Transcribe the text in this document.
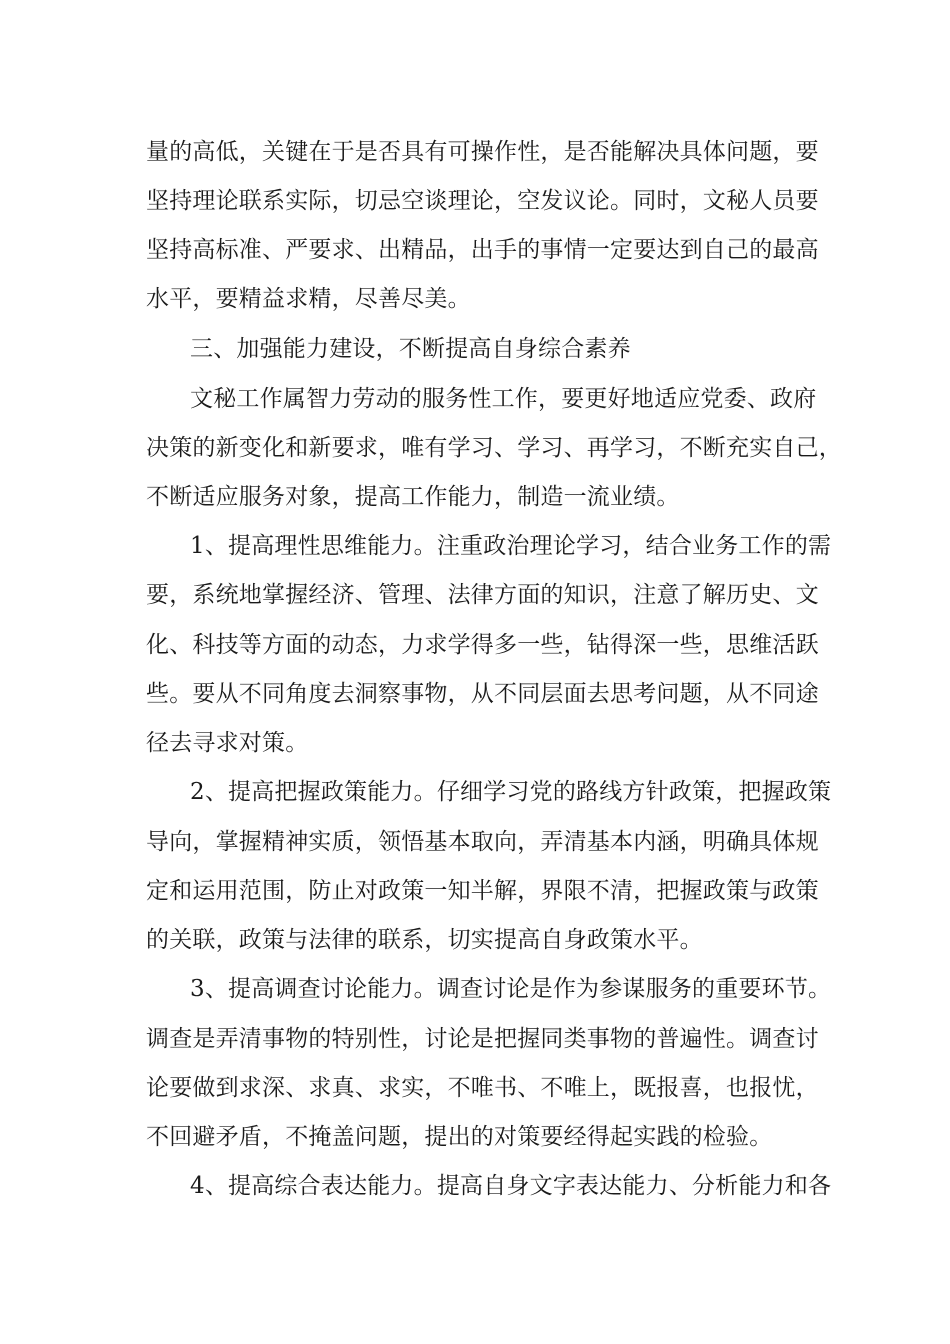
量的高低，关键在于是否具有可操作性，是否能解决具体问题，要
坚持理论联系实际，切忌空谈理论，空发议论。同时，文秘人员要
坚持高标准、严要求、出精品，出手的事情一定要达到自己的最高
水平，要精益求精，尽善尽美。
三、加强能力建设，不断提高自身综合素养
文秘工作属智力劳动的服务性工作，要更好地适应党委、政府
决策的新变化和新要求，唯有学习、学习、再学习，不断充实自己，
不断适应服务对象，提高工作能力，制造一流业绩。
1、提高理性思维能力。注重政治理论学习，结合业务工作的需
要，系统地掌握经济、管理、法律方面的知识，注意了解历史、文
化、科技等方面的动态，力求学得多一些，钻得深一些，思维活跃
些。要从不同角度去洞察事物，从不同层面去思考问题，从不同途
径去寻求对策。
2、提高把握政策能力。仔细学习党的路线方针政策，把握政策
导向，掌握精神实质，领悟基本取向，弄清基本内涵，明确具体规
定和运用范围，防止对政策一知半解，界限不清，把握政策与政策
的关联，政策与法律的联系，切实提高自身政策水平。
3、提高调查讨论能力。调查讨论是作为参谋服务的重要环节。
调查是弄清事物的特别性，讨论是把握同类事物的普遍性。调查讨
论要做到求深、求真、求实，不唯书、不唯上，既报喜，也报忧，
不回避矛盾，不掩盖问题，提出的对策要经得起实践的检验。
4、提高综合表达能力。提高自身文字表达能力、分析能力和各
